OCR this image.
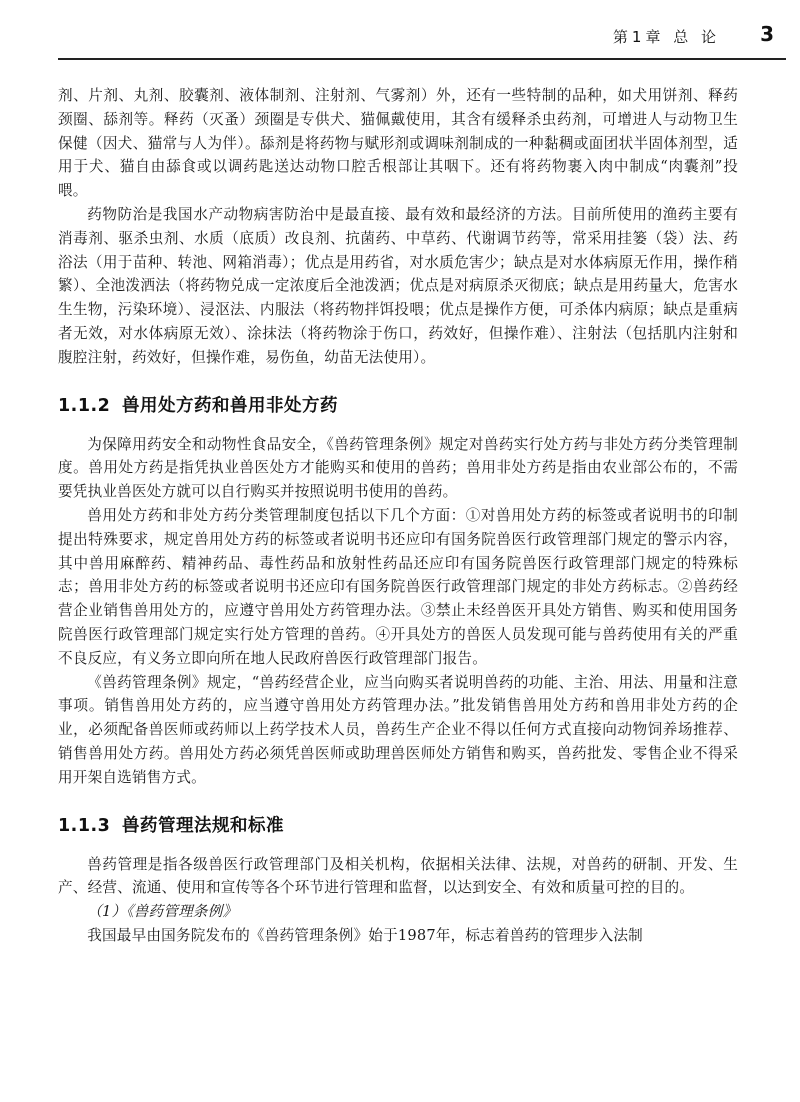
第1章 总 论 3

剂、片剂、丸剂、胶囊剂、液体制剂、注射剂、气雾剂）外，还有一些特制的品种，如犬用饼剂、释药颈圈、舔剂等。释药（灭蚤）颈圈是专供犬、猫佩戴使用，其含有缓释杀虫药剂，可增进人与动物卫生保健（因犬、猫常与人为伴）。舔剂是将药物与赋形剂或调味剂制成的一种黏稠或面团状半固体剂型，适用于犬、猫自由舔食或以调药匙送达动物口腔舌根部让其咽下。还有将药物裹入肉中制成“肉囊剂”投喂。

药物防治是我国水产动物病害防治中是最直接、最有效和最经济的方法。目前所使用的渔药主要有消毒剂、驱杀虫剂、水质（底质）改良剂、抗菌药、中草药、代谢调节药等，常采用挂篓（袋）法、药浴法（用于苗种、转池、网箱消毒）；优点是用药省，对水质危害少；缺点是对水体病原无作用，操作稍繁）、全池泼洒法（将药物兑成一定浓度后全池泼洒；优点是对病原杀灭彻底；缺点是用药量大，危害水生生物，污染环境）、浸沤法、内服法（将药物拌饵投喂；优点是操作方便，可杀体内病原；缺点是重病者无效，对水体病原无效）、涂抹法（将药物涂于伤口，药效好，但操作难）、注射法（包括肌内注射和腹腔注射，药效好，但操作难，易伤鱼，幼苗无法使用）。

1.1.2 兽用处方药和兽用非处方药

为保障用药安全和动物性食品安全，《兽药管理条例》规定对兽药实行处方药与非处方药分类管理制度。兽用处方药是指凭执业兽医处方才能购买和使用的兽药；兽用非处方药是指由农业部公布的，不需要凭执业兽医处方就可以自行购买并按照说明书使用的兽药。

兽用处方药和非处方药分类管理制度包括以下几个方面：①对兽用处方药的标签或者说明书的印制提出特殊要求，规定兽用处方药的标签或者说明书还应印有国务院兽医行政管理部门规定的警示内容，其中兽用麻醉药、精神药品、毒性药品和放射性药品还应印有国务院兽医行政管理部门规定的特殊标志；兽用非处方药的标签或者说明书还应印有国务院兽医行政管理部门规定的非处方药标志。②兽药经营企业销售兽用处方的，应遵守兽用处方药管理办法。③禁止未经兽医开具处方销售、购买和使用国务院兽医行政管理部门规定实行处方管理的兽药。④开具处方的兽医人员发现可能与兽药使用有关的严重不良反应，有义务立即向所在地人民政府兽医行政管理部门报告。

《兽药管理条例》规定，“兽药经营企业，应当向购买者说明兽药的功能、主治、用法、用量和注意事项。销售兽用处方药的，应当遵守兽用处方药管理办法。”批发销售兽用处方药和兽用非处方药的企业，必须配备兽医师或药师以上药学技术人员，兽药生产企业不得以任何方式直接向动物饲养场推荐、销售兽用处方药。兽用处方药必须凭兽医师或助理兽医师处方销售和购买，兽药批发、零售企业不得采用开架自选销售方式。

1.1.3 兽药管理法规和标准

兽药管理是指各级兽医行政管理部门及相关机构，依据相关法律、法规，对兽药的研制、开发、生产、经营、流通、使用和宣传等各个环节进行管理和监督，以达到安全、有效和质量可控的目的。

（1）《兽药管理条例》

我国最早由国务院发布的《兽药管理条例》始于1987年，标志着兽药的管理步入法制
